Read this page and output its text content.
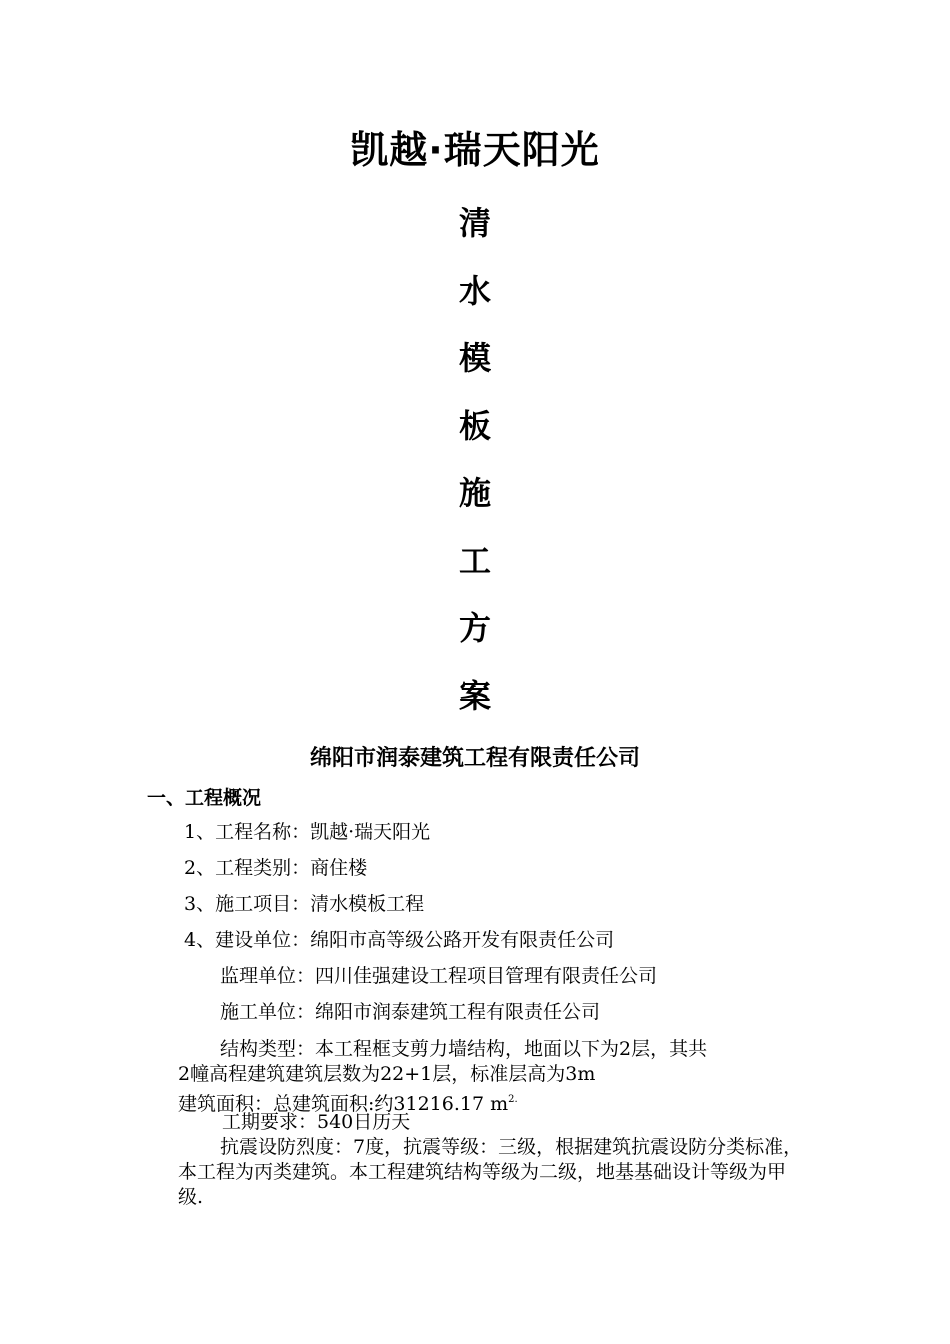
凯越·瑞天阳光
清
水
模
板
施
工
方
案
绵阳市润泰建筑工程有限责任公司
一、工程概况
1、工程名称：凯越·瑞天阳光
2、工程类别：商住楼
3、施工项目：清水模板工程
4、建设单位：绵阳市高等级公路开发有限责任公司
监理单位：四川佳强建设工程项目管理有限责任公司
施工单位：绵阳市润泰建筑工程有限责任公司

结构类型：本工程框支剪力墙结构，地面以下为2层，其共
2幢高程建筑建筑层数为22+1层，标准层高为3m
建筑面积：总建筑面积:约31216.17 $m^{2.}$

工期要求：540日历天

抗震设防烈度：7度，抗震等级：三级，根据建筑抗震设防分类标准，本工程为丙类建筑。本工程建筑结构等级为二级，地基基础设计等级为甲级.
